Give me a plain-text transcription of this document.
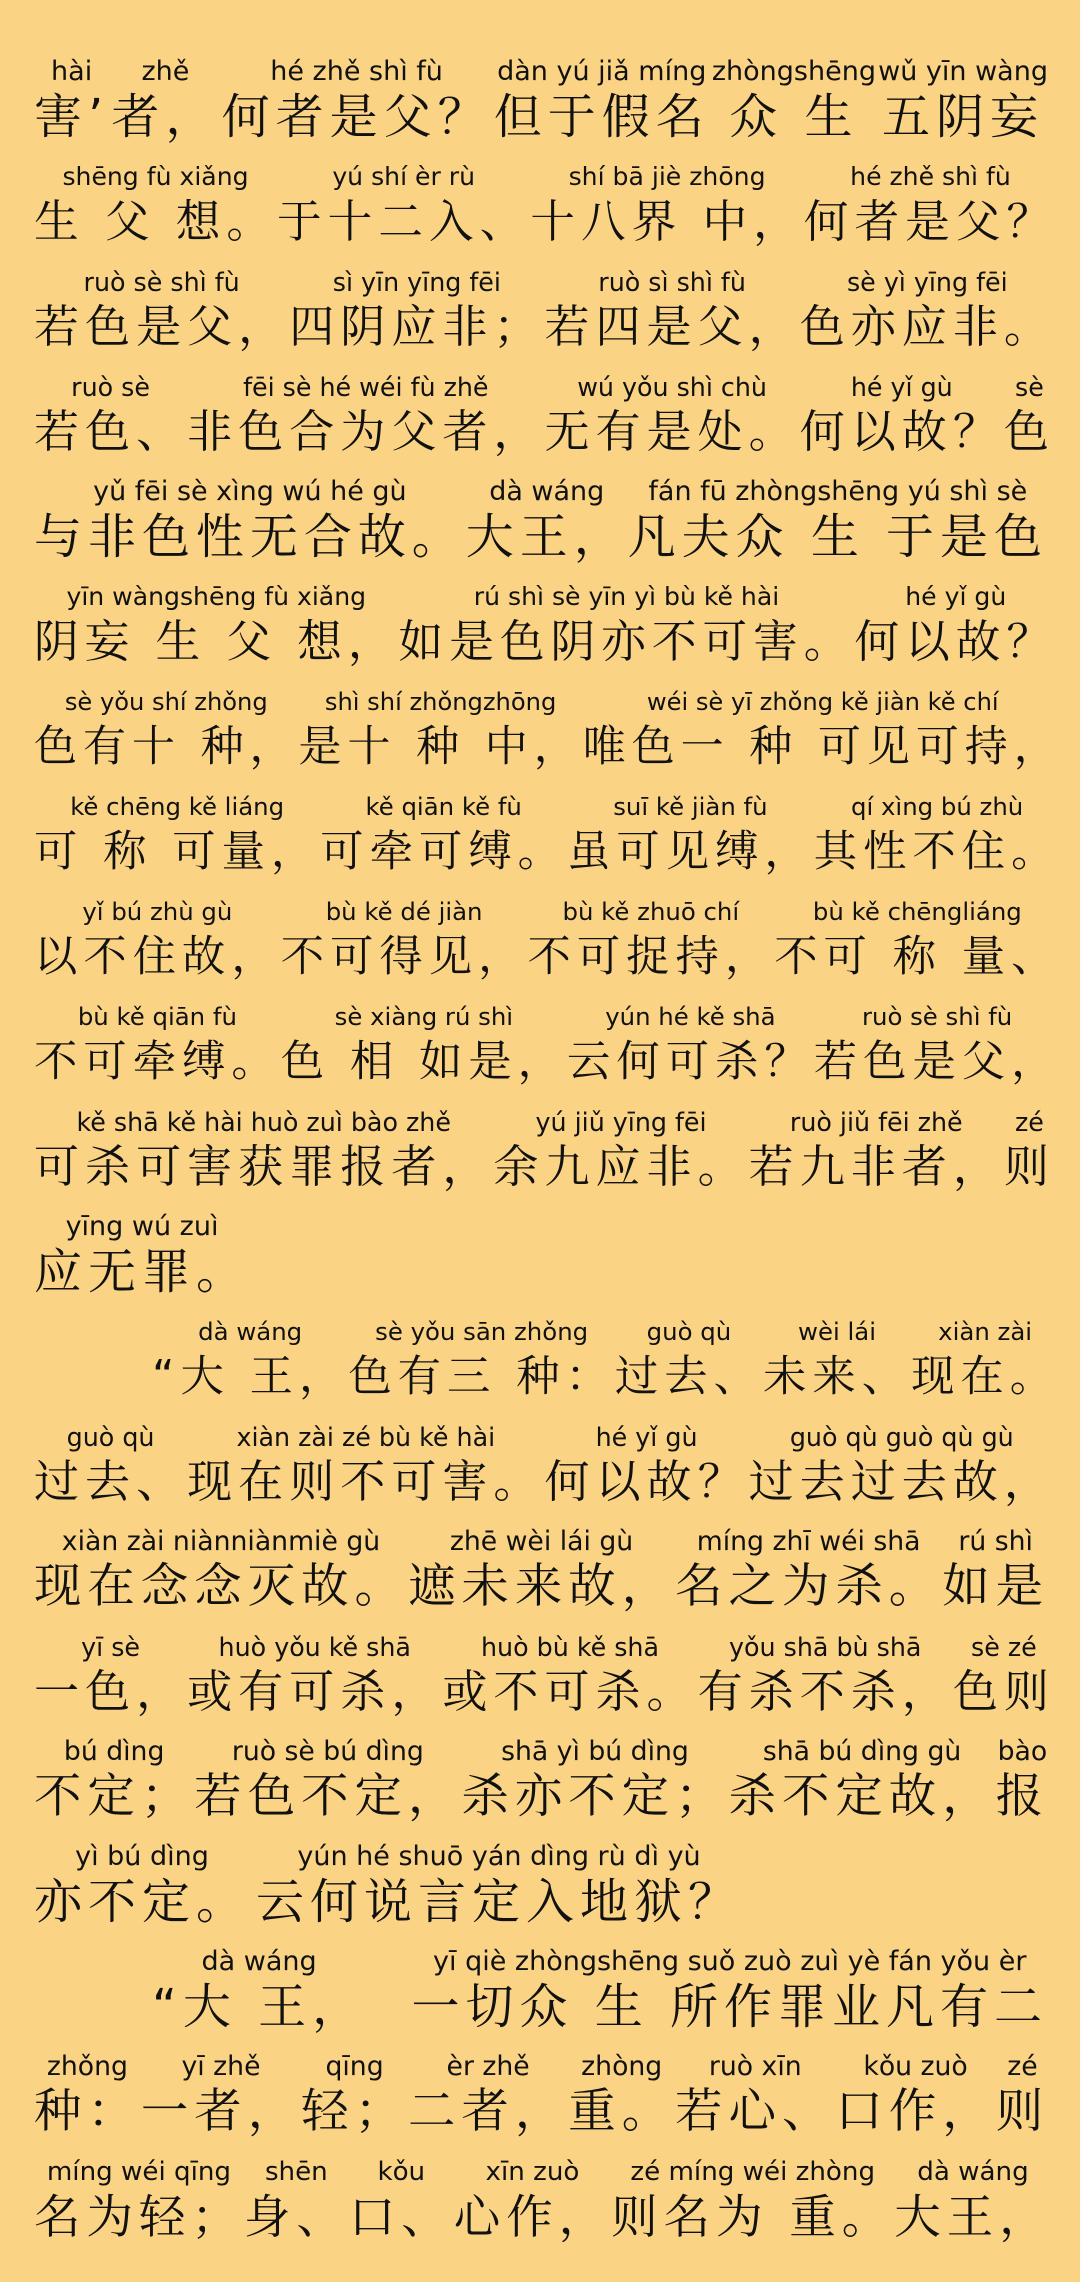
hài
害’
zhě
者，
hé zhě shì fù
何者是父？
dàn yú jiǎ míng
但于假名
zhòngshēng
众 生
wǔ yīn wàng
五阴妄
shēng fù xiǎng
生 父 想。
yú shí èr rù
于十二入、
shí bā jiè zhōng
十八界 中，
hé zhě shì fù
何者是父？
ruò sè shì fù
若色是父，
sì yīn yīng fēi
四阴应非；
ruò sì shì fù
若四是父，
sè yì yīng fēi
色亦应非。
ruò sè
若色、
fēi sè hé wéi fù zhě
非色合为父者，
wú yǒu shì chù
无有是处。
hé yǐ gù
何以故？
sè
色
yǔ fēi sè xìng wú hé gù
与非色性无合故。
dà wáng
大王，
fán fū zhòngshēng yú shì sè
凡夫众 生 于是色
yīn wàngshēng fù xiǎng
阴妄 生 父 想，
rú shì sè yīn yì bù kě hài
如是色阴亦不可害。
hé yǐ gù
何以故？
sè yǒu shí zhǒng
色有十 种，
shì shí zhǒngzhōng
是十 种 中，
wéi sè yī zhǒng kě jiàn kě chí
唯色一 种 可见可持，
kě chēng kě liáng
可 称 可量，
kě qiān kě fù
可牵可缚。
suī kě jiàn fù
虽可见缚，
qí xìng bú zhù
其性不住。
yǐ bú zhù gù
以不住故，
bù kě dé jiàn
不可得见，
bù kě zhuō chí
不可捉持，
bù kě chēngliáng
不可 称 量、
bù kě qiān fù
不可牵缚。
sè xiàng rú shì
色 相 如是，
yún hé kě shā
云何可杀？
ruò sè shì fù
若色是父，
kě shā kě hài huò zuì bào zhě
可杀可害获罪报者，
yú jiǔ yīng fēi
余九应非。
ruò jiǔ fēi zhě
若九非者，
zé
则
yīng wú zuì
应无罪。
dà wáng
“大 王，
sè yǒu sān zhǒng
色有三 种：
guò qù
过去、
wèi lái
未来、
xiàn zài
现在。
guò qù
过去、
xiàn zài zé bù kě hài
现在则不可害。
hé yǐ gù
何以故？
guò qù guò qù gù
过去过去故，
xiàn zài niànniànmiè gù
现在念念灭故。
zhē wèi lái gù
遮未来故，
míng zhī wéi shā
名之为杀。
rú shì
如是
yī sè
一色，
huò yǒu kě shā
或有可杀，
huò bù kě shā
或不可杀。
yǒu shā bù shā
有杀不杀，
sè zé
色则
bú dìng
不定；
ruò sè bú dìng
若色不定，
shā yì bú dìng
杀亦不定；
shā bú dìng gù
杀不定故，
bào
报
yì bú dìng
亦不定。
yún hé shuō yán dìng rù dì yù
云何说言定入地狱？
dà wáng
“大 王，
yī qiè zhòngshēng suǒ zuò zuì yè fán yǒu èr
一切众 生 所作罪业凡有二
zhǒng
种：
yī zhě
一者，
qīng
轻；
èr zhě
二者，
zhòng
重。
ruò xīn
若心、
kǒu zuò
口作，
zé
则
míng wéi qīng
名为轻；
shēn
身、
kǒu
口、
xīn zuò
心作，
zé míng wéi zhòng
则名为 重。
dà wáng
大王，
